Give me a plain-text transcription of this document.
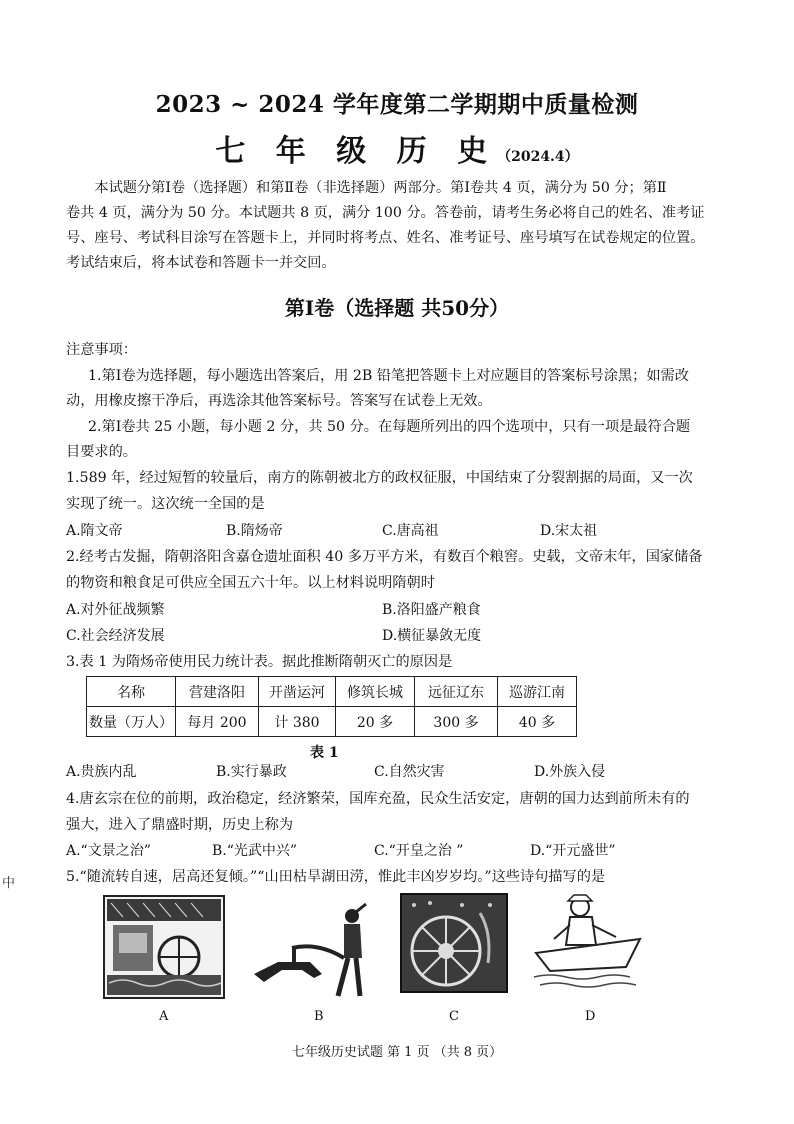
2023 ~ 2024 学年度第二学期期中质量检测
七 年 级 历 史（2024.4）
本试题分第Ⅰ卷（选择题）和第Ⅱ卷（非选择题）两部分。第Ⅰ卷共 4 页，满分为 50 分；第Ⅱ
卷共 4 页，满分为 50 分。本试题共 8 页，满分 100 分。答卷前，请考生务必将自己的姓名、准考证
号、座号、考试科目涂写在答题卡上，并同时将考点、姓名、准考证号、座号填写在试卷规定的位置。
考试结束后，将本试卷和答题卡一并交回。
第Ⅰ卷（选择题 共50分）
注意事项：
1.第Ⅰ卷为选择题，每小题选出答案后，用 2B 铅笔把答题卡上对应题目的答案标号涂黑；如需改
动，用橡皮擦干净后，再选涂其他答案标号。答案写在试卷上无效。
2.第Ⅰ卷共 25 小题，每小题 2 分，共 50 分。在每题所列出的四个选项中，只有一项是最符合题
目要求的。
1.589 年，经过短暂的较量后，南方的陈朝被北方的政权征服，中国结束了分裂割据的局面，又一次
实现了统一。这次统一全国的是
A.隋文帝	B.隋炀帝	C.唐高祖	D.宋太祖
2.经考古发掘，隋朝洛阳含嘉仓遗址面积 40 多万平方米，有数百个粮窖。史载，文帝末年，国家储备
的物资和粮食足可供应全国五六十年。以上材料说明隋朝时
A.对外征战频繁	B.洛阳盛产粮食
C.社会经济发展	D.横征暴敛无度
3.表 1 为隋炀帝使用民力统计表。据此推断隋朝灭亡的原因是
名称	营建洛阳	开凿运河	修筑长城	远征辽东	巡游江南
数量（万人）	每月 200	计 380	20 多	300 多	40 多
表 1
A.贵族内乱	B.实行暴政	C.自然灾害	D.外族入侵
4.唐玄宗在位的前期，政治稳定，经济繁荣，国库充盈，民众生活安定，唐朝的国力达到前所未有的
强大，进入了鼎盛时期，历史上称为
A.“文景之治”	B.“光武中兴”	C.“开皇之治 ”	D.“开元盛世”
5.“随流转自速，居高还复倾。”“山田枯旱湖田涝，惟此丰凶岁岁均。”这些诗句描写的是
A	B	C	D
中
七年级历史试题 第 1 页 （共 8 页）
